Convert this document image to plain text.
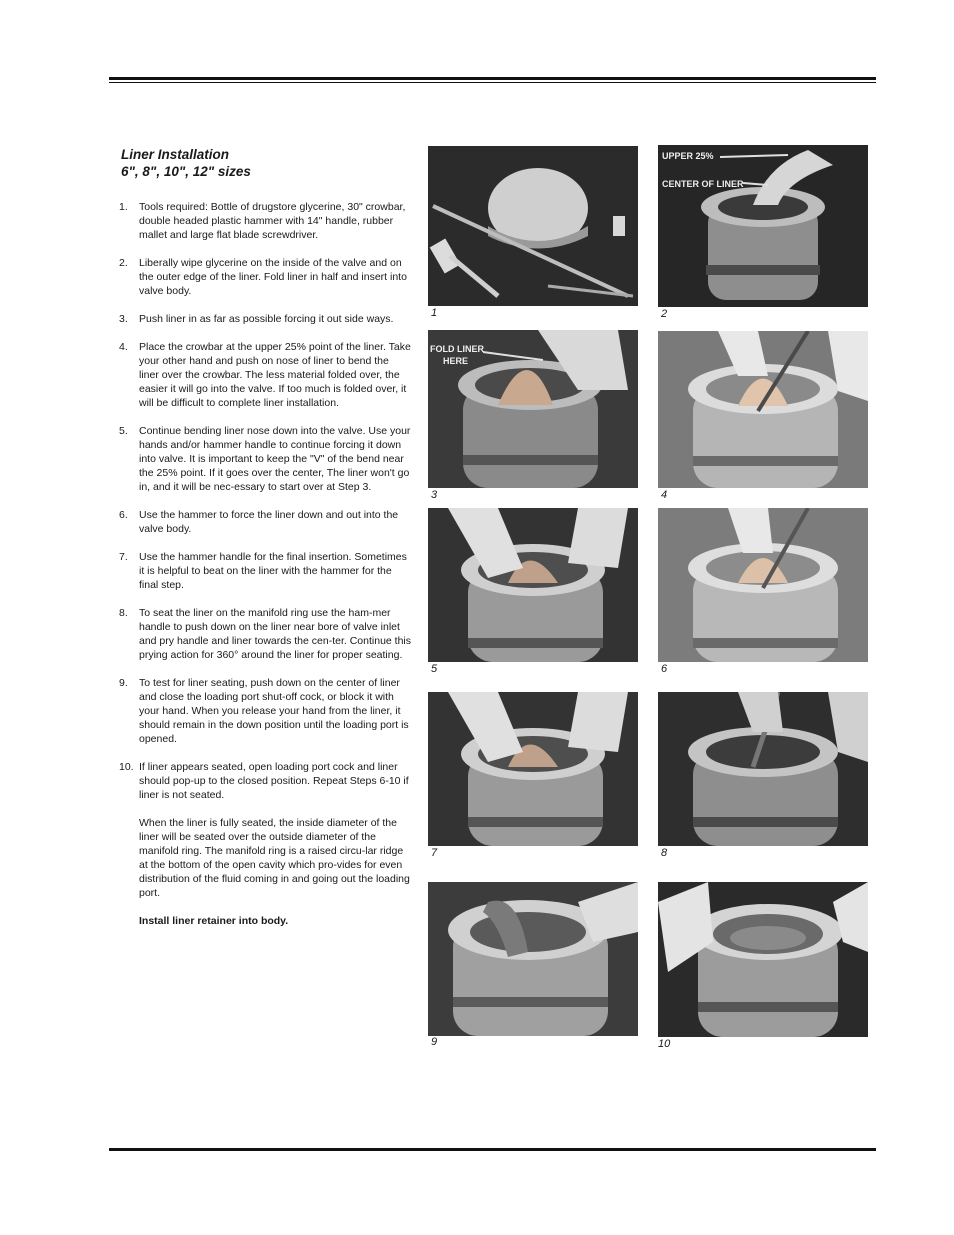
Liner Installation
6", 8", 10", 12" sizes
1. Tools required: Bottle of drugstore glycerine, 30" crowbar, double headed plastic hammer with 14" handle, rubber mallet and large flat blade screwdriver.

2. Liberally wipe glycerine on the inside of the valve and on the outer edge of the liner. Fold liner in half and insert into valve body.

3. Push liner in as far as possible forcing it out side ways.

4. Place the crowbar at the upper 25% point of the liner. Take your other hand and push on nose of liner to bend the liner over the crowbar. The less material folded over, the easier it will go into the valve. If too much is folded over, it will be difficult to complete liner installation.

5. Continue bending liner nose down into the valve. Use your hands and/or hammer handle to continue forcing it down into valve. It is important to keep the "V" of the bend near the 25% point. If it goes over the center, The liner won't go in, and it will be nec-essary to start over at Step 3.

6. Use the hammer to force the liner down and out into the valve body.

7. Use the hammer handle for the final insertion. Sometimes it is helpful to beat on the liner with the hammer for the final step.

8. To seat the liner on the manifold ring use the ham-mer handle to push down on the liner near bore of valve inlet and pry handle and liner towards the cen-ter. Continue this prying action for 360° around the liner for proper seating.

9. To test for liner seating, push down on the center of liner and close the loading port shut-off cock, or block it with your hand. When you release your hand from the liner, it should remain in the down position until the loading port is opened.

10. If liner appears seated, open loading port cock and liner should pop-up to the closed position. Repeat Steps 6-10 if liner is not seated.

When the liner is fully seated, the inside diameter of the liner will be seated over the outside diameter of the manifold ring. The manifold ring is a raised circu-lar ridge at the bottom of the open cavity which pro-vides for even distribution of the fluid coming in and going out the loading port.

Install liner retainer into body.

1
UPPER 25%
CENTER OF LINER
2
FOLD LINER
HERE
3	4
5	6
7	8
9	10
